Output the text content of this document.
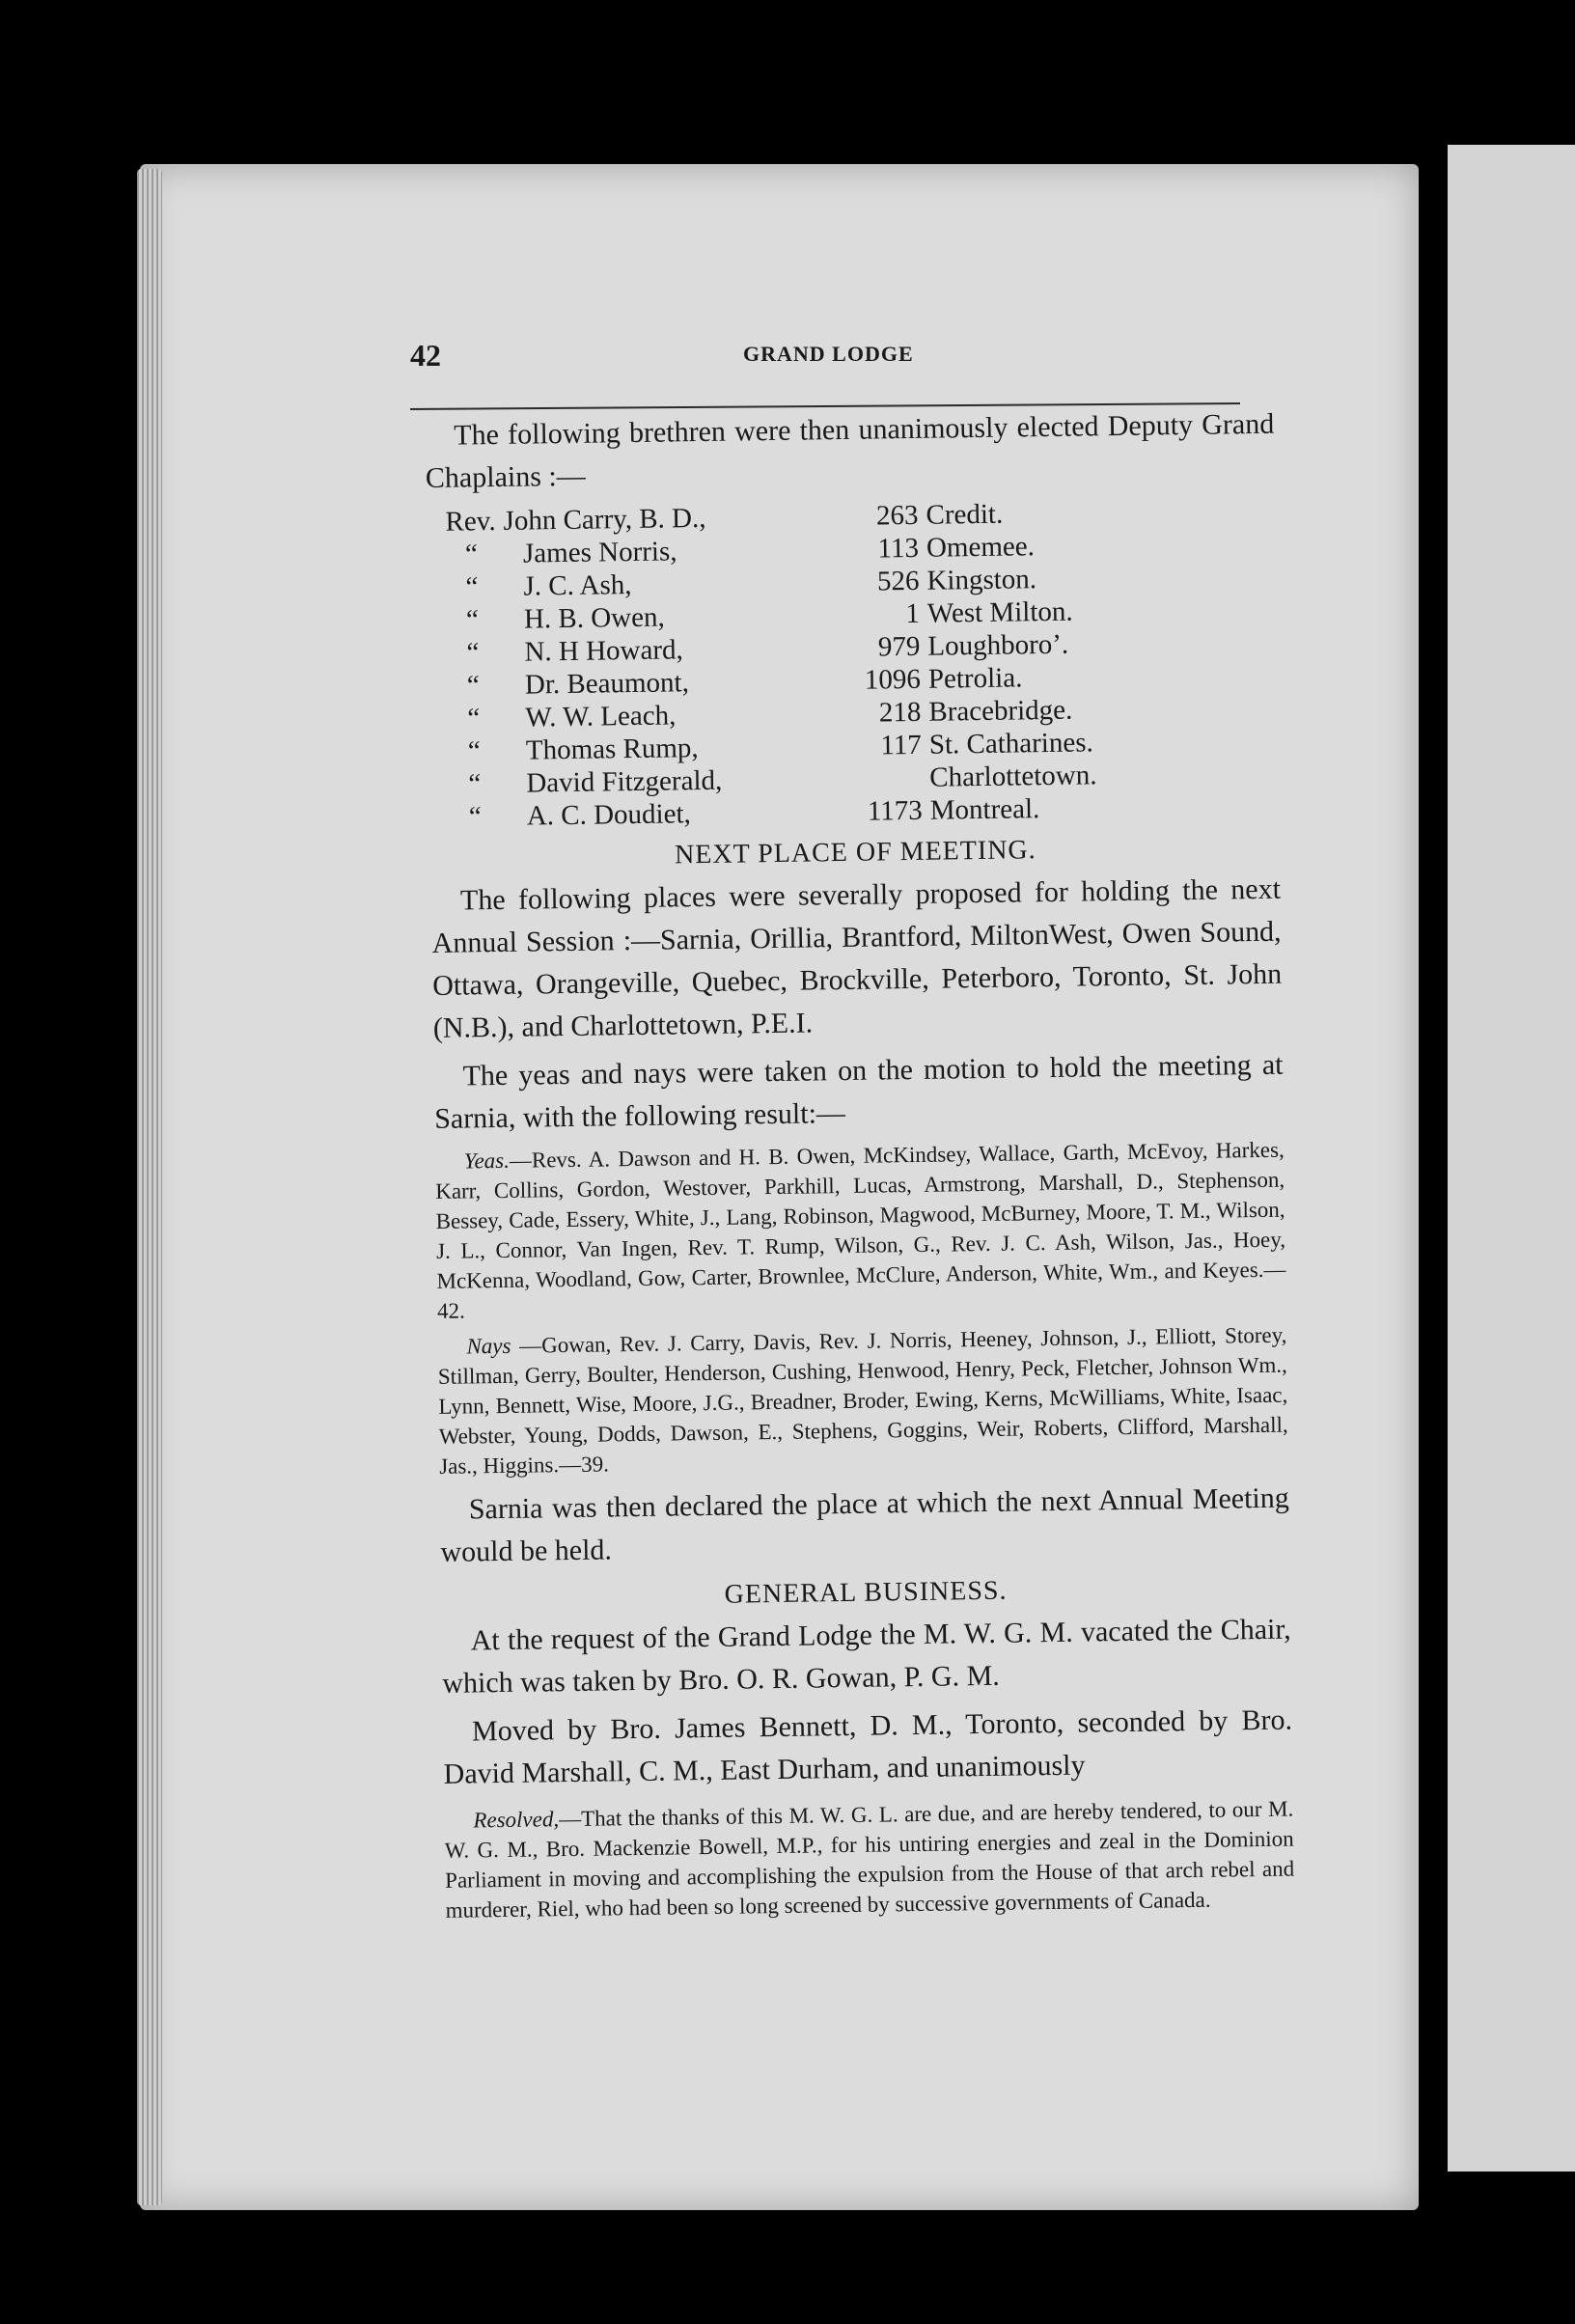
42	GRAND LODGE

The following brethren were then unanimously elected Deputy Grand Chaplains :—

Rev. John Carry, B. D.,	263 Credit.
“	James Norris,	113 Omemee.
“	J. C. Ash,	526 Kingston.
“	H. B. Owen,	1 West Milton.
“	N. H Howard,	979 Loughboro’.
“	Dr. Beaumont,	1096 Petrolia.
“	W. W. Leach,	218 Bracebridge.
“	Thomas Rump,	117 St. Catharines.
“	David Fitzgerald,	Charlottetown.
“	A. C. Doudiet,	1173 Montreal.
NEXT PLACE OF MEETING.

The following places were severally proposed for holding the next Annual Session :—Sarnia, Orillia, Brantford, MiltonWest, Owen Sound, Ottawa, Orangeville, Quebec, Brockville, Peterboro, Toronto, St. John (N.B.), and Charlottetown, P.E.I.

The yeas and nays were taken on the motion to hold the meeting at Sarnia, with the following result:—

Yeas.—Revs. A. Dawson and H. B. Owen, McKindsey, Wallace, Garth, McEvoy, Harkes, Karr, Collins, Gordon, Westover, Parkhill, Lucas, Armstrong, Marshall, D., Stephenson, Bessey, Cade, Essery, White, J., Lang, Robinson, Magwood, McBurney, Moore, T. M., Wilson, J. L., Connor, Van Ingen, Rev. T. Rump, Wilson, G., Rev. J. C. Ash, Wilson, Jas., Hoey, McKenna, Woodland, Gow, Carter, Brownlee, McClure, Anderson, White, Wm., and Keyes.—42.

Nays —Gowan, Rev. J. Carry, Davis, Rev. J. Norris, Heeney, Johnson, J., Elliott, Storey, Stillman, Gerry, Boulter, Henderson, Cushing, Henwood, Henry, Peck, Fletcher, Johnson Wm., Lynn, Bennett, Wise, Moore, J.G., Breadner, Broder, Ewing, Kerns, McWilliams, White, Isaac, Webster, Young, Dodds, Dawson, E., Stephens, Goggins, Weir, Roberts, Clifford, Marshall, Jas., Higgins.—39.

Sarnia was then declared the place at which the next Annual Meeting would be held.

GENERAL BUSINESS.

At the request of the Grand Lodge the M. W. G. M. vacated the Chair, which was taken by Bro. O. R. Gowan, P. G. M.

Moved by Bro. James Bennett, D. M., Toronto, seconded by Bro. David Marshall, C. M., East Durham, and unanimously

Resolved,—That the thanks of this M. W. G. L. are due, and are hereby tendered, to our M. W. G. M., Bro. Mackenzie Bowell, M.P., for his untiring energies and zeal in the Dominion Parliament in moving and accomplishing the expulsion from the House of that arch rebel and murderer, Riel, who had been so long screened by successive governments of Canada.
